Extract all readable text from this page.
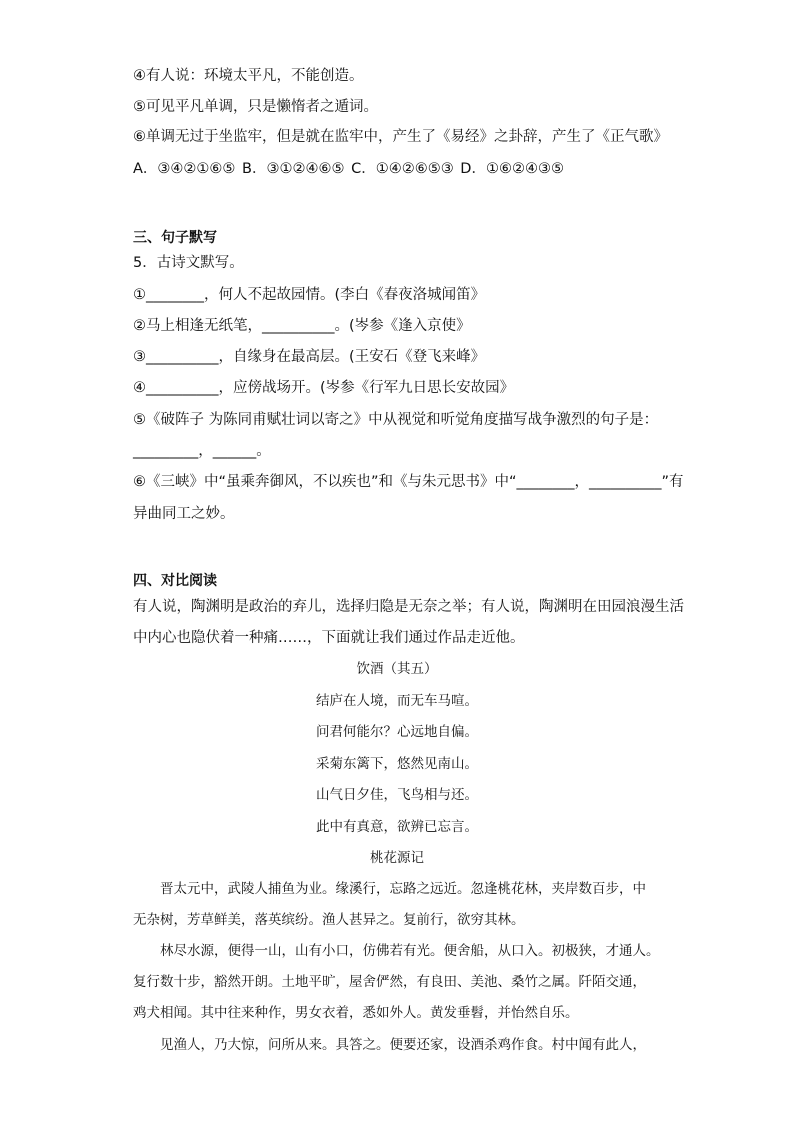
④有人说：环境太平凡，不能创造。
⑤可见平凡单调，只是懒惰者之遁词。
⑥单调无过于坐监牢，但是就在监牢中，产生了《易经》之卦辞，产生了《正气歌》
A．③④②①⑥⑤ B．③①②④⑥⑤ C．①④②⑥⑤③ D．①⑥②④③⑤
三、句子默写
5．古诗文默写。
①________，何人不起故园情。(李白《春夜洛城闻笛》
②马上相逢无纸笔，__________。(岑参《逢入京使》
③__________，自缘身在最高层。(王安石《登飞来峰》
④__________，应傍战场开。(岑参《行军九日思长安故园》
⑤《破阵子 为陈同甫赋壮词以寄之》中从视觉和听觉角度描写战争激烈的句子是：
_________，______。
⑥《三峡》中“虽乘奔御风，不以疾也”和《与朱元思书》中“________，__________”有
异曲同工之妙。
四、对比阅读
有人说，陶渊明是政治的弃儿，选择归隐是无奈之举；有人说，陶渊明在田园浪漫生活
中内心也隐伏着一种痛……，下面就让我们通过作品走近他。
饮酒（其五）
结庐在人境，而无车马喧。
问君何能尔？心远地自偏。
采菊东篱下，悠然见南山。
山气日夕佳，飞鸟相与还。
此中有真意，欲辨已忘言。
桃花源记
　　晋太元中，武陵人捕鱼为业。缘溪行，忘路之远近。忽逢桃花林，夹岸数百步，中
无杂树，芳草鲜美，落英缤纷。渔人甚异之。复前行，欲穷其林。
　　林尽水源，便得一山，山有小口，仿佛若有光。便舍船，从口入。初极狭，才通人。
复行数十步，豁然开朗。土地平旷，屋舍俨然，有良田、美池、桑竹之属。阡陌交通，
鸡犬相闻。其中往来种作，男女衣着，悉如外人。黄发垂髫，并怡然自乐。
　　见渔人，乃大惊，问所从来。具答之。便要还家，设酒杀鸡作食。村中闻有此人，
